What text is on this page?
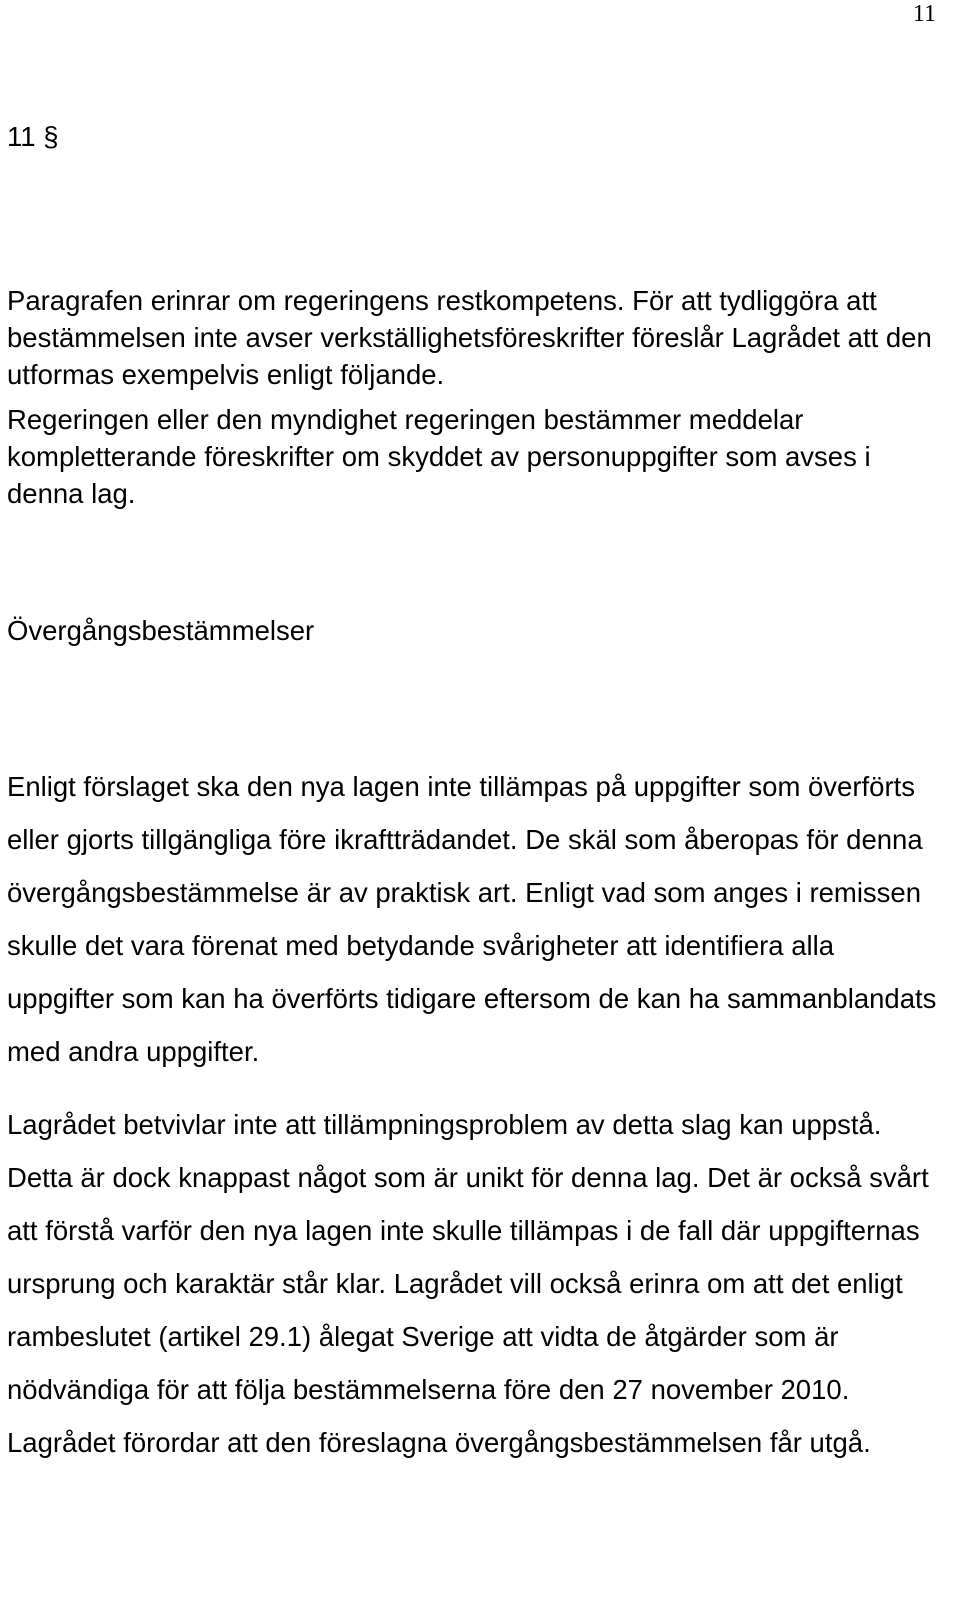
11
11 §

Paragrafen erinrar om regeringens restkompetens. För att tydliggöra att bestämmelsen inte avser verkställighetsföreskrifter föreslår Lagrådet att den utformas exempelvis enligt följande.

Regeringen eller den myndighet regeringen bestämmer meddelar kompletterande föreskrifter om skyddet av personuppgifter som avses i denna lag.

Övergångsbestämmelser

Enligt förslaget ska den nya lagen inte tillämpas på uppgifter som överförts eller gjorts tillgängliga före ikraftträdandet. De skäl som åberopas för denna övergångsbestämmelse är av praktisk art. Enligt vad som anges i remissen skulle det vara förenat med betydande svårigheter att identifiera alla uppgifter som kan ha överförts tidigare eftersom de kan ha sammanblandats med andra uppgifter.

Lagrådet betvivlar inte att tillämpningsproblem av detta slag kan uppstå. Detta är dock knappast något som är unikt för denna lag. Det är också svårt att förstå varför den nya lagen inte skulle tillämpas i de fall där uppgifternas ursprung och karaktär står klar. Lagrådet vill också erinra om att det enligt rambeslutet (artikel 29.1) ålegat Sverige att vidta de åtgärder som är nödvändiga för att följa bestämmelserna före den 27 november 2010. Lagrådet förordar att den föreslagna övergångsbestämmelsen får utgå.
